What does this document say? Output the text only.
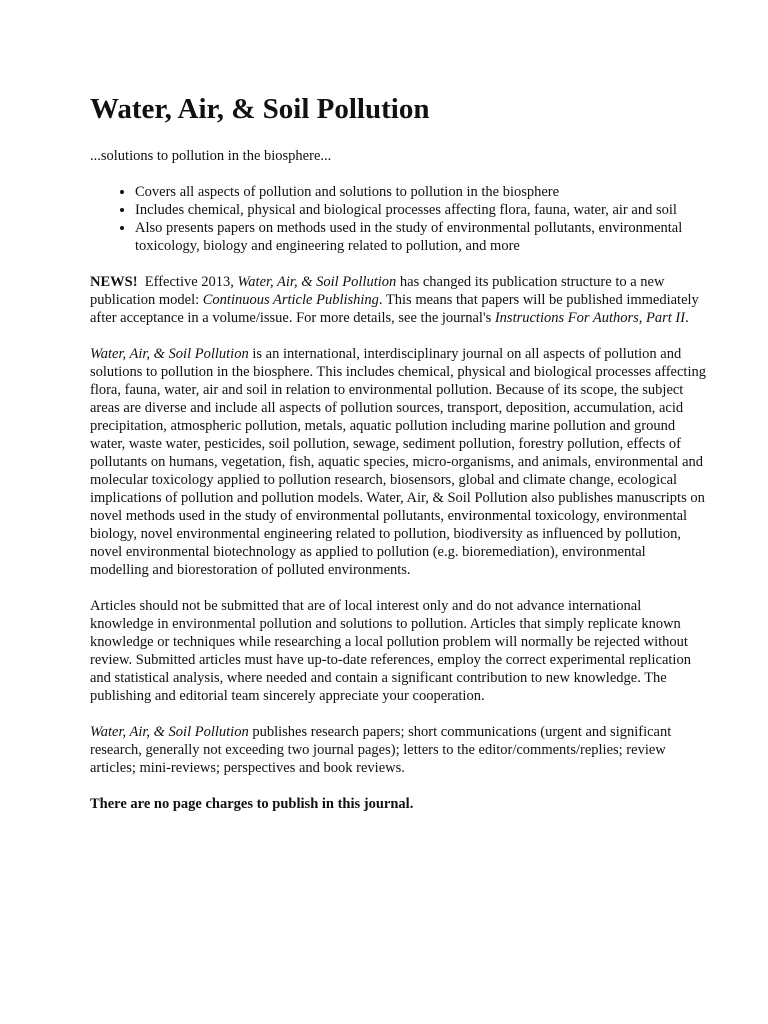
Water, Air, & Soil Pollution

...solutions to pollution in the biosphere...

• Covers all aspects of pollution and solutions to pollution in the biosphere
• Includes chemical, physical and biological processes affecting flora, fauna, water, air and soil
• Also presents papers on methods used in the study of environmental pollutants, environmental toxicology, biology and engineering related to pollution, and more

NEWS!  Effective 2013, Water, Air, & Soil Pollution has changed its publication structure to a new publication model: Continuous Article Publishing. This means that papers will be published immediately after acceptance in a volume/issue. For more details, see the journal's Instructions For Authors, Part II.

Water, Air, & Soil Pollution is an international, interdisciplinary journal on all aspects of pollution and solutions to pollution in the biosphere. This includes chemical, physical and biological processes affecting flora, fauna, water, air and soil in relation to environmental pollution. Because of its scope, the subject areas are diverse and include all aspects of pollution sources, transport, deposition, accumulation, acid precipitation, atmospheric pollution, metals, aquatic pollution including marine pollution and ground water, waste water, pesticides, soil pollution, sewage, sediment pollution, forestry pollution, effects of pollutants on humans, vegetation, fish, aquatic species, micro-organisms, and animals, environmental and molecular toxicology applied to pollution research, biosensors, global and climate change, ecological implications of pollution and pollution models. Water, Air, & Soil Pollution also publishes manuscripts on novel methods used in the study of environmental pollutants, environmental toxicology, environmental biology, novel environmental engineering related to pollution, biodiversity as influenced by pollution, novel environmental biotechnology as applied to pollution (e.g. bioremediation), environmental modelling and biorestoration of polluted environments.

Articles should not be submitted that are of local interest only and do not advance international knowledge in environmental pollution and solutions to pollution. Articles that simply replicate known knowledge or techniques while researching a local pollution problem will normally be rejected without review. Submitted articles must have up-to-date references, employ the correct experimental replication and statistical analysis, where needed and contain a significant contribution to new knowledge. The publishing and editorial team sincerely appreciate your cooperation.

Water, Air, & Soil Pollution publishes research papers; short communications (urgent and significant research, generally not exceeding two journal pages); letters to the editor/comments/replies; review articles; mini-reviews; perspectives and book reviews.

There are no page charges to publish in this journal.
